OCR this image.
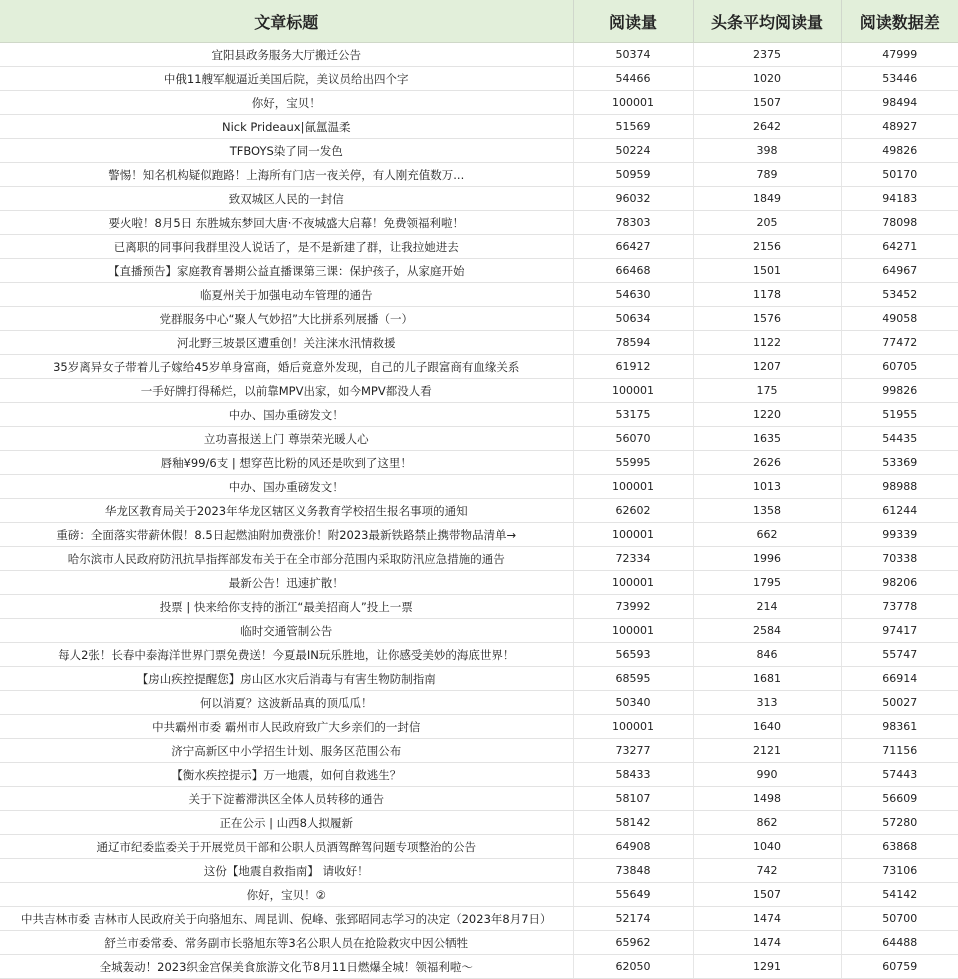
文章标题	阅读量	头条平均阅读量	阅读数据差
宜阳县政务服务大厅搬迁公告	50374	2375	47999
中俄11艘军舰逼近美国后院，美议员给出四个字	54466	1020	53446
你好，宝贝！	100001	1507	98494
Nick Prideaux|氤氲温柔	51569	2642	48927
TFBOYS染了同一发色	50224	398	49826
警惕！知名机构疑似跑路！上海所有门店一夜关停，有人刚充值数万...	50959	789	50170
致双城区人民的一封信	96032	1849	94183
要火啦！8月5日 东胜城东梦回大唐·不夜城盛大启幕！免费领福利啦！	78303	205	78098
已离职的同事问我群里没人说话了，是不是新建了群，让我拉她进去	66427	2156	64271
【直播预告】家庭教育暑期公益直播课第三课：保护孩子，从家庭开始	66468	1501	64967
临夏州关于加强电动车管理的通告	54630	1178	53452
党群服务中心“聚人气妙招”大比拼系列展播（一）	50634	1576	49058
河北野三坡景区遭重创！关注涞水汛情救援	78594	1122	77472
35岁离异女子带着儿子嫁给45岁单身富商，婚后竟意外发现，自己的儿子跟富商有血缘关系	61912	1207	60705
一手好牌打得稀烂，以前靠MPV出家，如今MPV都没人看	100001	175	99826
中办、国办重磅发文！	53175	1220	51955
立功喜报送上门 尊崇荣光暖人心	56070	1635	54435
唇釉¥99/6支 | 想穿芭比粉的风还是吹到了这里！	55995	2626	53369
中办、国办重磅发文！	100001	1013	98988
华龙区教育局关于2023年华龙区辖区义务教育学校招生报名事项的通知	62602	1358	61244
重磅：全面落实带薪休假！8.5日起燃油附加费涨价！附2023最新铁路禁止携带物品清单→	100001	662	99339
哈尔滨市人民政府防汛抗旱指挥部发布关于在全市部分范围内采取防汛应急措施的通告	72334	1996	70338
最新公告！迅速扩散！	100001	1795	98206
投票 | 快来给你支持的浙江“最美招商人”投上一票	73992	214	73778
临时交通管制公告	100001	2584	97417
每人2张！长春中泰海洋世界门票免费送！今夏最IN玩乐胜地，让你感受美妙的海底世界！	56593	846	55747
【房山疾控提醒您】房山区水灾后消毒与有害生物防制指南	68595	1681	66914
何以消夏？这波新品真的顶瓜瓜！	50340	313	50027
中共霸州市委 霸州市人民政府致广大乡亲们的一封信	100001	1640	98361
济宁高新区中小学招生计划、服务区范围公布	73277	2121	71156
【衡水疾控提示】万一地震，如何自救逃生？	58433	990	57443
关于下淀蓄滞洪区全体人员转移的通告	58107	1498	56609
正在公示 | 山西8人拟履新	58142	862	57280
通辽市纪委监委关于开展党员干部和公职人员酒驾醉驾问题专项整治的公告	64908	1040	63868
这份【地震自救指南】 请收好！	73848	742	73106
你好，宝贝！②	55649	1507	54142
中共吉林市委 吉林市人民政府关于向骆旭东、周昆训、倪峰、张郅昭同志学习的决定（2023年8月7日）	52174	1474	50700
舒兰市委常委、常务副市长骆旭东等3名公职人员在抢险救灾中因公牺牲	65962	1474	64488
全城轰动！2023织金宫保美食旅游文化节8月11日燃爆全城！领福利啦～	62050	1291	60759
